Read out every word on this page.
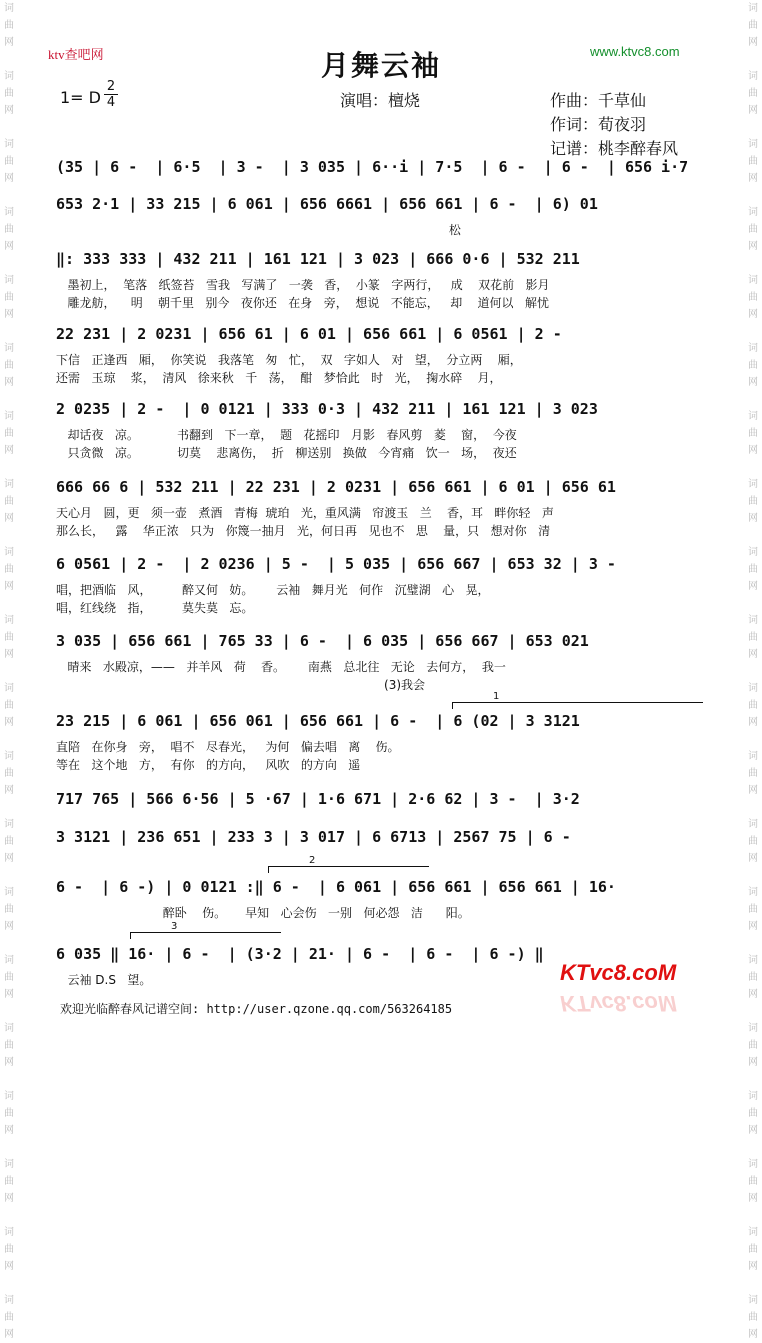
词
曲
网

词
曲
网

词
曲
网

词
曲
网

词
曲
网

词
曲
网

词
曲
网

词
曲
网

词
曲
网

词
曲
网

词
曲
网

词
曲
网

词
曲
网

词
曲
网

词
曲
网

词
曲
网

词
曲
网

词
曲
网

词
曲
网

词
曲
网

词
曲
网

词
曲
网

词
曲
网

词
曲
网

词
曲
网

词
曲
网

词
曲
网

词
曲
网

词
曲
网

词
曲
网

词
曲
网

词
曲
网

词
曲
网

词
曲
网

词
曲
网

词
曲
网

词
曲
网

词
曲
网

词
曲
网

词
曲
网

ktv查吧网	月舞云袖	www.ktvc8.com
1= D
2
4	演唱：檀烧	作曲：千草仙
作词：荀夜羽
记谱：桃李醉春风
(35 | 6 -  | 6·5  | 3 -  | 3 035 | 6··i | 7·5  | 6 -  | 6 -  | 656 i·7
653 2·1 | 33 215 | 6 061 | 656 6661 | 656 661 | 6 -  | 6) 01
松
‖: 333 333 | 432 211 | 161 121 | 3 023 | 666 0·6 | 532 211
墨初上，  笔落   纸签苔   雪我   写满了   一袭   香，  小篆   字两行，   成    双花前   影月
雕龙舫，    明    朝千里   别今   夜你还   在身   旁，  想说   不能忘，   却    道何以   解忧
22 231 | 2 0231 | 656 61 | 6 01 | 656 661 | 6 0561 | 2 -
下信   正逢西   厢，  你笑说   我落笔   匆   忙，  双   字如人   对   望，  分立两    厢，
还需   玉琼    浆，  清风   徐来秋   千   荡，  酣   梦恰此   时   光，  掬水碎    月，
2 0235 | 2 -  | 0 0121 | 333 0·3 | 432 211 | 161 121 | 3 023
却话夜   凉。          书翻到   下一章，  题   花摇印   月影   春风剪   菱    窗，  今夜
只贪微   凉。          切莫    悲离伤，  折   柳送别   换做   今宵痛   饮一   场，  夜还
666 66 6 | 532 211 | 22 231 | 2 0231 | 656 661 | 6 01 | 656 61
天心月   圆，更   须一壶   煮酒   青梅  琥珀   光，重风满   帘渡玉   兰    香，耳   畔你轻   声
那么长，   露    华正浓   只为   你篾一抽月   光，何日再   见也不   思    量，只   想对你   清
6 0561 | 2 -  | 2 0236 | 5 -  | 5 035 | 656 667 | 653 32 | 3 -
唱，把酒临   风，        醉又何   妨。      云袖   舞月光   何作   沉璧湖   心   晃，
唱，红线绕   指，        莫失莫   忘。
3 035 | 656 661 | 765 33 | 6 -  | 6 035 | 656 667 | 653 021
晴来   水殿凉，——   并羊风   荷    香。      南燕   总北往   无论   去何方，  我一
(3)我会
23 215 | 6 061 | 656 061 | 656 661 | 6 -  | 6 (02 | 3 3121
直陪   在你身   旁，  唱不   尽春光，   为何   偏去唱   离    伤。
等在   这个地   方，  有你   的方向，   风吹   的方向   遥
717 765 | 566 6·56 | 5 ·67 | 1·6 671 | 2·6 62 | 3 -  | 3·2
3 3121 | 236 651 | 233 3 | 3 017 | 6 6713 | 2567 75 | 6 -
6 -  | 6 -) | 0 0121 :‖ 6 -  | 6 061 | 656 661 | 656 661 | 16·
醉卧    伤。     早知   心会伤   一别   何必怨   洁      阳。
6 035 ‖ 16· | 6 -  | (3·2 | 21· | 6 -  | 6 -  | 6 -) ‖
云袖 D.S   望。
欢迎光临醉春风记谱空间: http://user.qzone.qq.com/563264185
KTvc8.coM
KTvc8.coM
1
2
3
